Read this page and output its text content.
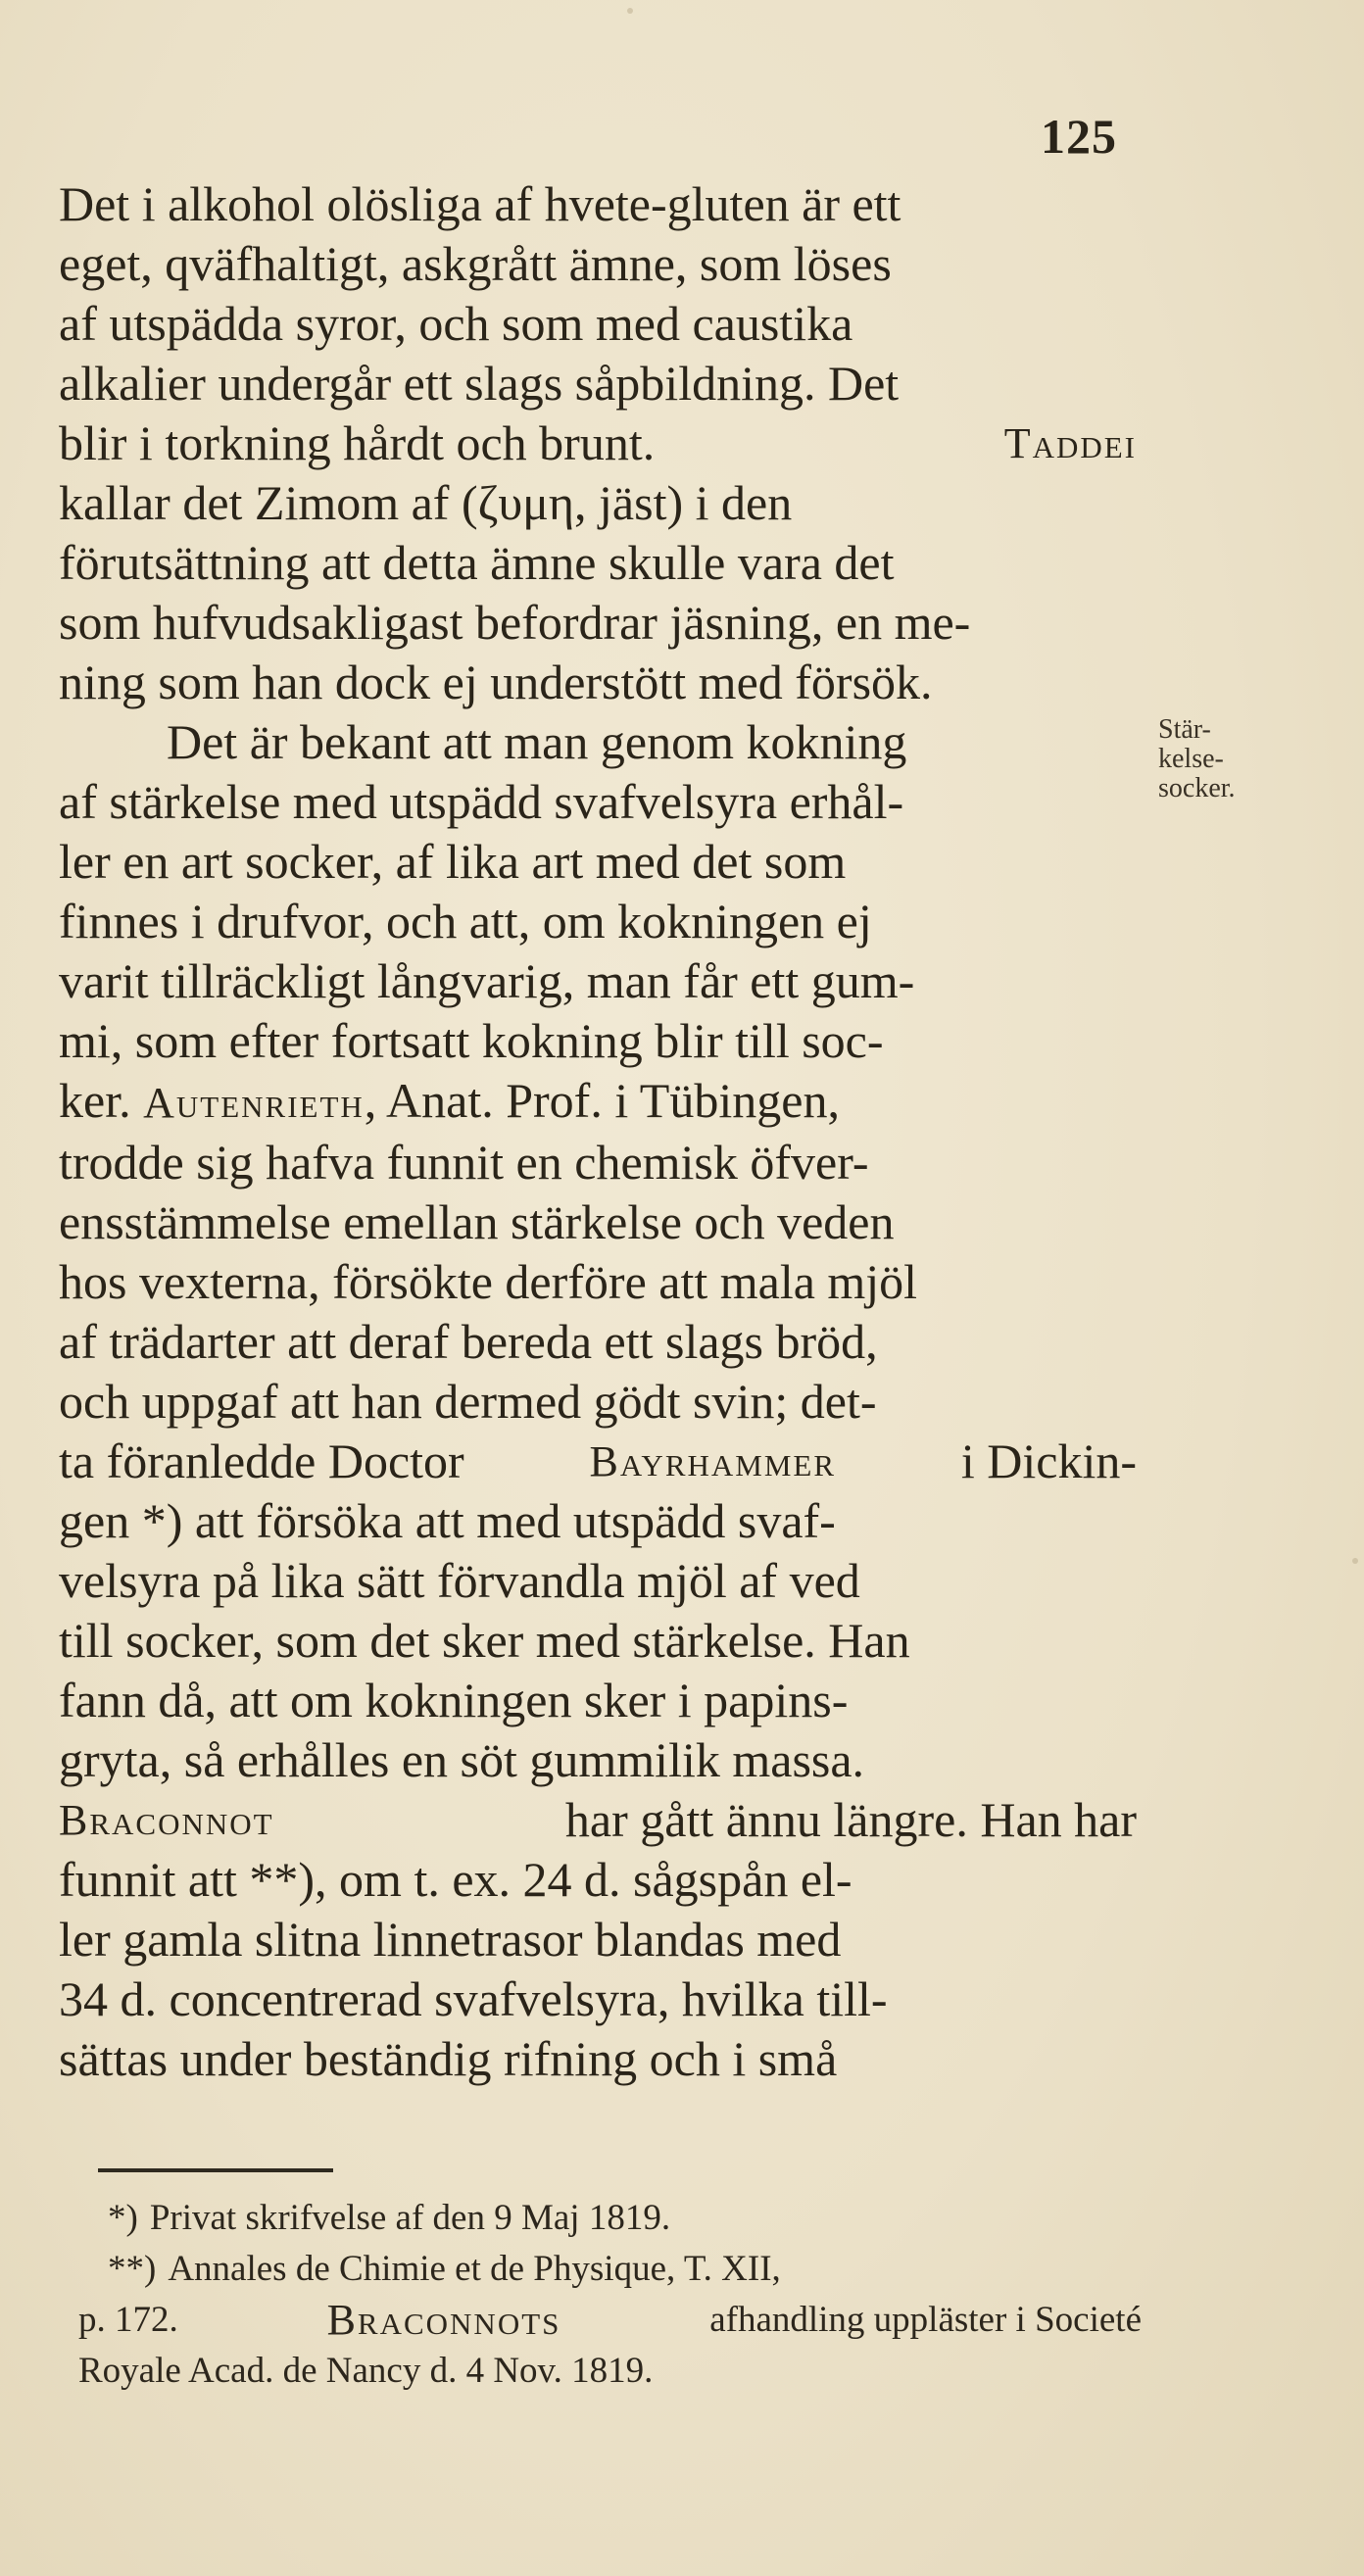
125
Det i alkohol olösliga af hvete-gluten är ett
eget, qväfhaltigt, askgrått ämne, som löses
af utspädda syror, och som med caustika
alkalier undergår ett slags såpbildning. Det
blir i torkning hårdt och brunt.	Taddei
kallar det Zimom af (ζυμη, jäst) i den
förutsättning att detta ämne skulle vara det
som hufvudsakligast befordrar jäsning, en me-
ning som han dock ej understött med försök.
Det är bekant att man genom kokning
af stärkelse med utspädd svafvelsyra erhål-
ler en art socker, af lika art med det som
finnes i drufvor, och att, om kokningen ej
varit tillräckligt långvarig, man får ett gum-
mi, som efter fortsatt kokning blir till soc-
ker. Autenrieth, Anat. Prof. i Tübingen,
trodde sig hafva funnit en chemisk öfver-
ensstämmelse emellan stärkelse och veden
hos vexterna, försökte derföre att mala mjöl
af trädarter att deraf bereda ett slags bröd,
och uppgaf att han dermed gödt svin; det-
ta föranledde Doctor	Bayrhammer	i Dickin-
gen *) att försöka att med utspädd svaf-
velsyra på lika sätt förvandla mjöl af ved
till socker, som det sker med stärkelse. Han
fann då, att om kokningen sker i papins-
gryta, så erhålles en söt gummilik massa.
Braconnot	har gått ännu längre. Han har
funnit att **), om t. ex. 24 d. sågspån el-
ler gamla slitna linnetrasor blandas med
34 d. concentrerad svafvelsyra, hvilka till-
sättas under beständig rifning och i små
Stär-
kelse-
socker.
*) Privat skrifvelse af den 9 Maj 1819.
**) Annales de Chimie et de Physique, T. XII,
p. 172.	Braconnots	afhandling uppläster i Societé
Royale Acad. de Nancy d. 4 Nov. 1819.
